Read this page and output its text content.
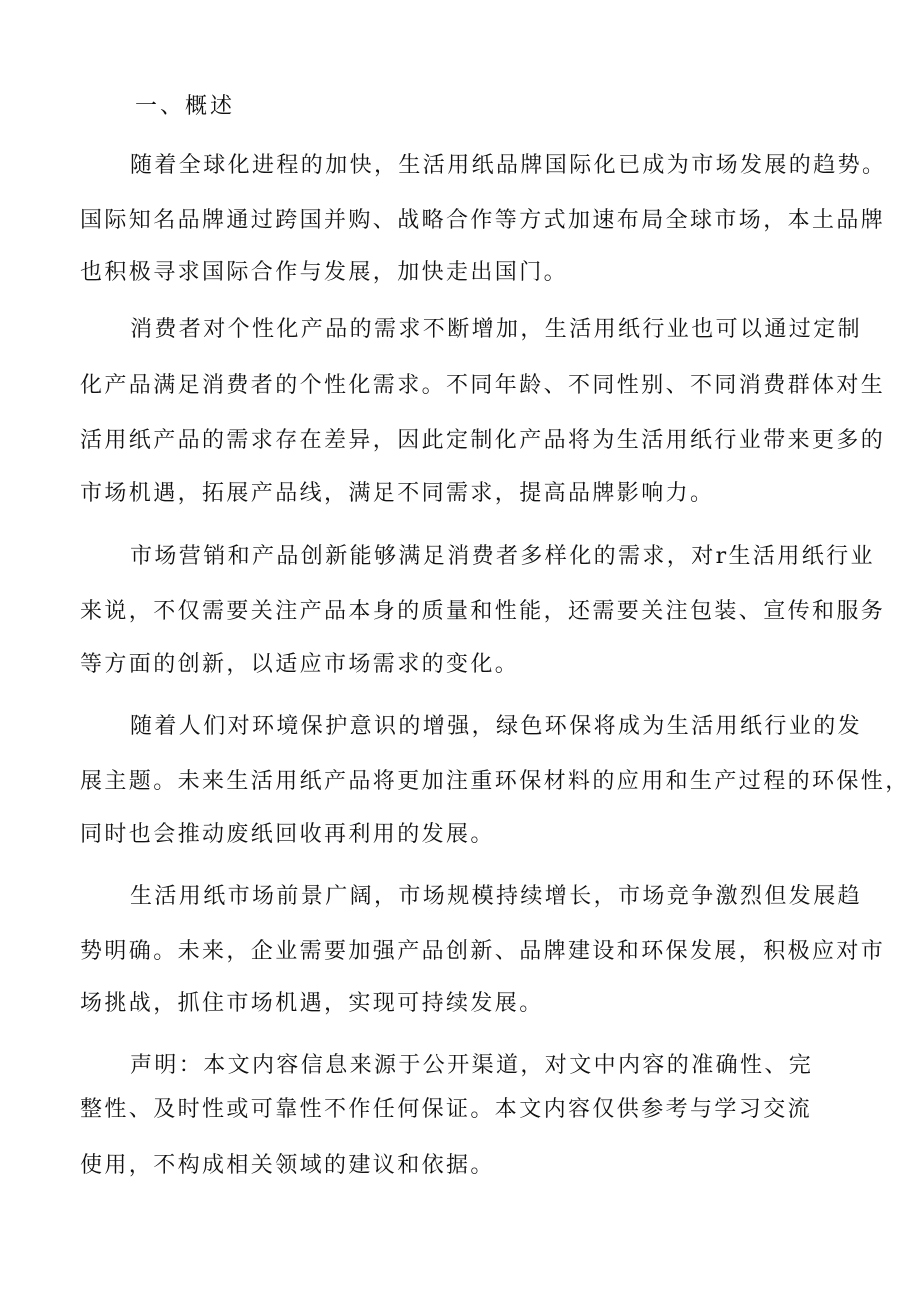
一、概述
随着全球化进程的加快，生活用纸品牌国际化已成为市场发展的趋势。
国际知名品牌通过跨国并购、战略合作等方式加速布局全球市场，本土品牌
也积极寻求国际合作与发展，加快走出国门。
消费者对个性化产品的需求不断增加，生活用纸行业也可以通过定制
化产品满足消费者的个性化需求。不同年龄、不同性别、不同消费群体对生
活用纸产品的需求存在差异，因此定制化产品将为生活用纸行业带来更多的
市场机遇，拓展产品线，满足不同需求，提高品牌影响力。
市场营销和产品创新能够满足消费者多样化的需求，对r生活用纸行业
来说，不仅需要关注产品本身的质量和性能，还需要关注包装、宣传和服务
等方面的创新，以适应市场需求的变化。
随着人们对环境保护意识的增强，绿色环保将成为生活用纸行业的发
展主题。未来生活用纸产品将更加注重环保材料的应用和生产过程的环保性，
同时也会推动废纸回收再利用的发展。
生活用纸市场前景广阔，市场规模持续增长，市场竞争激烈但发展趋
势明确。未来，企业需要加强产品创新、品牌建设和环保发展，积极应对市
场挑战，抓住市场机遇，实现可持续发展。
声明：本文内容信息来源于公开渠道，对文中内容的准确性、完
整性、及时性或可靠性不作任何保证。本文内容仅供参考与学习交流
使用，不构成相关领域的建议和依据。
